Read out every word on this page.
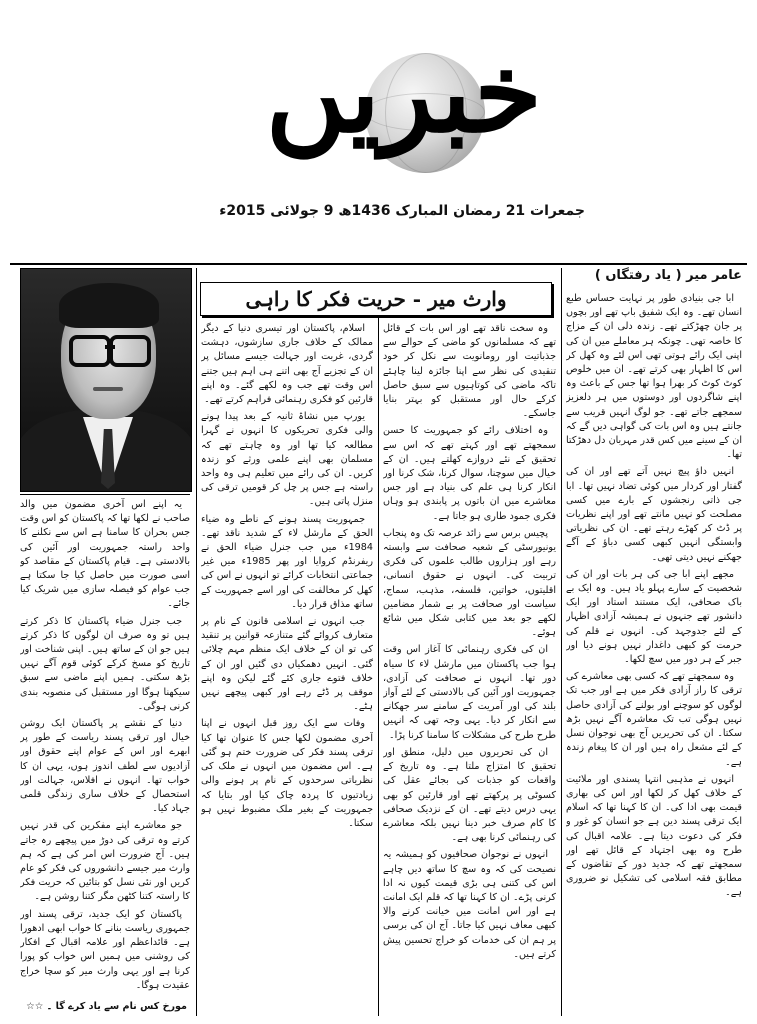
خبریں

جمعرات 21 رمضان المبارک 1436ھ 9 جولائی 2015ء

عامر میر ( یاد رفتگاں )

وارث میر - حریت فکر کا راہی	ابا جی بنیادی طور پر نہایت حساس طبع انسان تھے۔ وہ ایک شفیق باپ تھے اور بچوں پر جان چھڑکتے تھے۔ زندہ دلی ان کے مزاج کا خاصہ تھی۔ چونکہ ہر معاملے میں ان کی اپنی ایک رائے ہوتی تھی اس لئے وہ کھل کر اس کا اظہار بھی کرتے تھے۔ ان میں خلوص کوٹ کوٹ کر بھرا ہوا تھا جس کے باعث وہ اپنے شاگردوں اور دوستوں میں ہر دلعزیز سمجھے جاتے تھے۔ جو لوگ انہیں قریب سے جانتے ہیں وہ اس بات کی گواہی دیں گے کہ ان کے سینے میں کس قدر مہربان دل دھڑکتا تھا۔

انہیں داؤ پیچ نہیں آتے تھے اور ان کی گفتار اور کردار میں کوئی تضاد نہیں تھا۔ ابا جی ذاتی رنجشوں کے بارے میں کسی مصلحت کو نہیں مانتے تھے اور اپنے نظریات پر ڈٹ کر کھڑے رہتے تھے۔ ان کی نظریاتی وابستگی انہیں کبھی کسی دباؤ کے آگے جھکنے نہیں دیتی تھی۔

مجھے اپنے ابا جی کی ہر بات اور ان کی شخصیت کے سارے پہلو یاد ہیں۔ وہ ایک بے باک صحافی، ایک مستند استاد اور ایک دانشور تھے جنہوں نے ہمیشہ آزادی اظہار کے لئے جدوجہد کی۔ انہوں نے قلم کی حرمت کو کبھی داغدار نہیں ہونے دیا اور جبر کے ہر دور میں سچ لکھا۔

وہ سمجھتے تھے کہ کسی بھی معاشرے کی ترقی کا راز آزادی فکر میں ہے اور جب تک لوگوں کو سوچنے اور بولنے کی آزادی حاصل نہیں ہوگی تب تک معاشرہ آگے نہیں بڑھ سکتا۔ ان کی تحریریں آج بھی نوجوان نسل کے لئے مشعل راہ ہیں اور ان کا پیغام زندہ ہے۔

انہوں نے مذہبی انتہا پسندی اور ملائیت کے خلاف کھل کر لکھا اور اس کی بھاری قیمت بھی ادا کی۔ ان کا کہنا تھا کہ اسلام ایک ترقی پسند دین ہے جو انسان کو غور و فکر کی دعوت دیتا ہے۔ علامہ اقبال کی طرح وہ بھی اجتہاد کے قائل تھے اور سمجھتے تھے کہ جدید دور کے تقاضوں کے مطابق فقہ اسلامی کی تشکیل نو ضروری ہے۔

وہ سخت ناقد تھے اور اس بات کے قائل تھے کہ مسلمانوں کو ماضی کے حوالے سے جذباتیت اور رومانویت سے نکل کر خود تنقیدی کی نظر سے اپنا جائزہ لینا چاہئے تاکہ ماضی کی کوتاہیوں سے سبق حاصل کرکے حال اور مستقبل کو بہتر بنایا جاسکے۔

وہ اختلاف رائے کو جمہوریت کا حسن سمجھتے تھے اور کہتے تھے کہ اس سے تحقیق کے نئے دروازے کھلتے ہیں۔ ان کے خیال میں سوچنا، سوال کرنا، شک کرنا اور انکار کرنا ہی علم کی بنیاد ہے اور جس معاشرے میں ان باتوں پر پابندی ہو وہاں فکری جمود طاری ہو جاتا ہے۔

پچیس برس سے زائد عرصہ تک وہ پنجاب یونیورسٹی کے شعبہ صحافت سے وابستہ رہے اور ہزاروں طالب علموں کی فکری تربیت کی۔ انہوں نے حقوق انسانی، اقلیتوں، خواتین، فلسفہ، مذہب، سماج، سیاست اور صحافت پر بے شمار مضامین لکھے جو بعد میں کتابی شکل میں شائع ہوئے۔

ان کی فکری رہنمائی کا آغاز اس وقت ہوا جب پاکستان میں مارشل لاء کا سیاہ دور تھا۔ انہوں نے صحافت کی آزادی، جمہوریت اور آئین کی بالادستی کے لئے آواز بلند کی اور آمریت کے سامنے سر جھکانے سے انکار کر دیا۔ یہی وجہ تھی کہ انہیں طرح طرح کی مشکلات کا سامنا کرنا پڑا۔

ان کی تحریروں میں دلیل، منطق اور تحقیق کا امتزاج ملتا ہے۔ وہ تاریخ کے واقعات کو جذبات کی بجائے عقل کی کسوٹی پر پرکھتے تھے اور قارئین کو بھی یہی درس دیتے تھے۔ ان کے نزدیک صحافی کا کام صرف خبر دینا نہیں بلکہ معاشرے کی رہنمائی کرنا بھی ہے۔

انہوں نے نوجوان صحافیوں کو ہمیشہ یہ نصیحت کی کہ وہ سچ کا ساتھ دیں چاہے اس کی کتنی ہی بڑی قیمت کیوں نہ ادا کرنی پڑے۔ ان کا کہنا تھا کہ قلم ایک امانت ہے اور اس امانت میں خیانت کرنے والا کبھی معاف نہیں کیا جاتا۔ آج ان کی برسی پر ہم ان کی خدمات کو خراج تحسین پیش کرتے ہیں۔

اسلام، پاکستان اور تیسری دنیا کے دیگر ممالک کے خلاف جاری سازشوں، دہشت گردی، غربت اور جہالت جیسے مسائل پر ان کے تجزیے آج بھی اتنے ہی اہم ہیں جتنے اس وقت تھے جب وہ لکھے گئے۔ وہ اپنے قارئین کو فکری رہنمائی فراہم کرتے تھے۔

یورپ میں نشاۃ ثانیہ کے بعد پیدا ہونے والی فکری تحریکوں کا انہوں نے گہرا مطالعہ کیا تھا اور وہ چاہتے تھے کہ مسلمان بھی اپنے علمی ورثے کو زندہ کریں۔ ان کی رائے میں تعلیم ہی وہ واحد راستہ ہے جس پر چل کر قومیں ترقی کی منزل پاتی ہیں۔

جمہوریت پسند ہونے کے ناطے وہ ضیاء الحق کے مارشل لاء کے شدید ناقد تھے۔ 1984ء میں جب جنرل ضیاء الحق نے ریفرنڈم کروایا اور پھر 1985ء میں غیر جماعتی انتخابات کرائے تو انہوں نے اس کی کھل کر مخالفت کی اور اسے جمہوریت کے ساتھ مذاق قرار دیا۔

جب انہوں نے اسلامی قانون کے نام پر متعارف کروائے گئے متنازعہ قوانین پر تنقید کی تو ان کے خلاف ایک منظم مہم چلائی گئی۔ انہیں دھمکیاں دی گئیں اور ان کے خلاف فتوے جاری کئے گئے لیکن وہ اپنے موقف پر ڈٹے رہے اور کبھی پیچھے نہیں ہٹے۔

وفات سے ایک روز قبل انہوں نے اپنا آخری مضمون لکھا جس کا عنوان تھا کیا ترقی پسند فکر کی ضرورت ختم ہو گئی ہے۔ اس مضمون میں انہوں نے ملک کی نظریاتی سرحدوں کے نام پر ہونے والی زیادتیوں کا پردہ چاک کیا اور بتایا کہ جمہوریت کے بغیر ملک مضبوط نہیں ہو سکتا۔

یہ اپنے اس آخری مضمون میں والد صاحب نے لکھا تھا کہ پاکستان کو اس وقت جس بحران کا سامنا ہے اس سے نکلنے کا واحد راستہ جمہوریت اور آئین کی بالادستی ہے۔ قیام پاکستان کے مقاصد کو اسی صورت میں حاصل کیا جا سکتا ہے جب عوام کو فیصلہ سازی میں شریک کیا جائے۔

جب جنرل ضیاء پاکستان کا ذکر کرتے ہیں تو وہ صرف ان لوگوں کا ذکر کرتے ہیں جو ان کے ساتھ ہیں۔ اپنی شناخت اور تاریخ کو مسخ کرکے کوئی قوم آگے نہیں بڑھ سکتی۔ ہمیں اپنے ماضی سے سبق سیکھنا ہوگا اور مستقبل کی منصوبہ بندی کرنی ہوگی۔

دنیا کے نقشے پر پاکستان ایک روشن خیال اور ترقی پسند ریاست کے طور پر ابھرے اور اس کے عوام اپنے حقوق اور آزادیوں سے لطف اندوز ہوں، یہی ان کا خواب تھا۔ انہوں نے افلاس، جہالت اور استحصال کے خلاف ساری زندگی قلمی جہاد کیا۔

جو معاشرے اپنے مفکرین کی قدر نہیں کرتے وہ ترقی کی دوڑ میں پیچھے رہ جاتے ہیں۔ آج ضرورت اس امر کی ہے کہ ہم وارث میر جیسے دانشوروں کی فکر کو عام کریں اور نئی نسل کو بتائیں کہ حریت فکر کا راستہ کتنا کٹھن مگر کتنا روشن ہے۔

پاکستان کو ایک جدید، ترقی پسند اور جمہوری ریاست بنانے کا خواب ابھی ادھورا ہے۔ قائداعظم اور علامہ اقبال کے افکار کی روشنی میں ہمیں اس خواب کو پورا کرنا ہے اور یہی وارث میر کو سچا خراج عقیدت ہوگا۔

مورخ کس نام سے یاد کرے گا ۔ ☆☆
